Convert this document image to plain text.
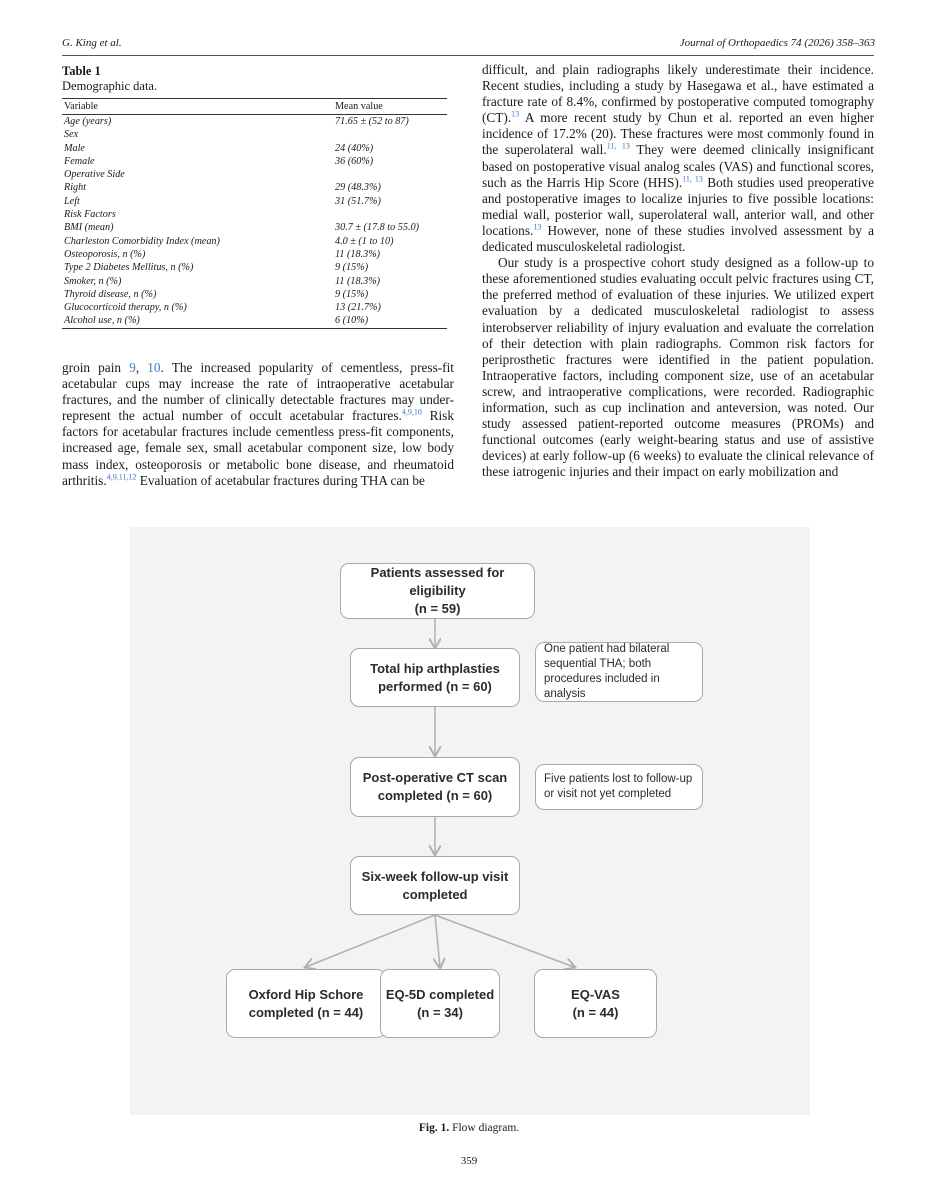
G. King et al.	Journal of Orthopaedics 74 (2026) 358–363
Table 1
Demographic data.
Variable	Mean value
Age (years)	71.65 ± (52 to 87)
Sex	
Male	24 (40%)
Female	36 (60%)
Operative Side	
Right	29 (48.3%)
Left	31 (51.7%)
Risk Factors	
BMI (mean)	30.7 ± (17.8 to 55.0)
Charleston Comorbidity Index (mean)	4.0 ± (1 to 10)
Osteoporosis, n (%)	11 (18.3%)
Type 2 Diabetes Mellitus, n (%)	9 (15%)
Smoker, n (%)	11 (18.3%)
Thyroid disease, n (%)	9 (15%)
Glucocorticoid therapy, n (%)	13 (21.7%)
Alcohol use, n (%)	6 (10%)

groin pain 9, 10. The increased popularity of cementless, press-fit acetabular cups may increase the rate of intraoperative acetabular fractures, and the number of clinically detectable fractures may under-represent the actual number of occult acetabular fractures.$^{4,9,10}$ Risk factors for acetabular fractures include cementless press-fit components, increased age, female sex, small acetabular component size, low body mass index, osteoporosis or metabolic bone disease, and rheumatoid arthritis.$^{4,9,11,12}$ Evaluation of acetabular fractures during THA can be

difficult, and plain radiographs likely underestimate their incidence. Recent studies, including a study by Hasegawa et al., have estimated a fracture rate of 8.4%, confirmed by postoperative computed tomography (CT).$^{13}$ A more recent study by Chun et al. reported an even higher incidence of 17.2% (20). These fractures were most commonly found in the superolateral wall.$^{11, 13}$ They were deemed clinically insignificant based on postoperative visual analog scales (VAS) and functional scores, such as the Harris Hip Score (HHS).$^{11, 13}$ Both studies used preoperative and postoperative images to localize injuries to five possible locations: medial wall, posterior wall, superolateral wall, anterior wall, and other locations.$^{13}$ However, none of these studies involved assessment by a dedicated musculoskeletal radiologist.

Our study is a prospective cohort study designed as a follow-up to these aforementioned studies evaluating occult pelvic fractures using CT, the preferred method of evaluation of these injuries. We utilized expert evaluation by a dedicated musculoskeletal radiologist to assess interobserver reliability of injury evaluation and evaluate the correlation of their detection with plain radiographs. Common risk factors for periprosthetic fractures were identified in the patient population. Intraoperative factors, including component size, use of an acetabular screw, and intraoperative complications, were recorded. Radiographic information, such as cup inclination and anteversion, was noted. Our study assessed patient-reported outcome measures (PROMs) and functional outcomes (early weight-bearing status and use of assistive devices) at early follow-up (6 weeks) to evaluate the clinical relevance of these iatrogenic injuries and their impact on early mobilization and

Patients assessed for eligibility
(n = 59)
Total hip arthplasties
performed (n = 60)
One patient had bilateral
sequential THA; both
procedures included in analysis
Post-operative CT scan
completed (n = 60)
Five patients lost to follow-up
or visit not yet completed
Six-week follow-up visit
completed
Oxford Hip Schore
completed (n = 44)
EQ-5D completed
(n = 34)
EQ-VAS
(n = 44)
Fig. 1. Flow diagram.
359
